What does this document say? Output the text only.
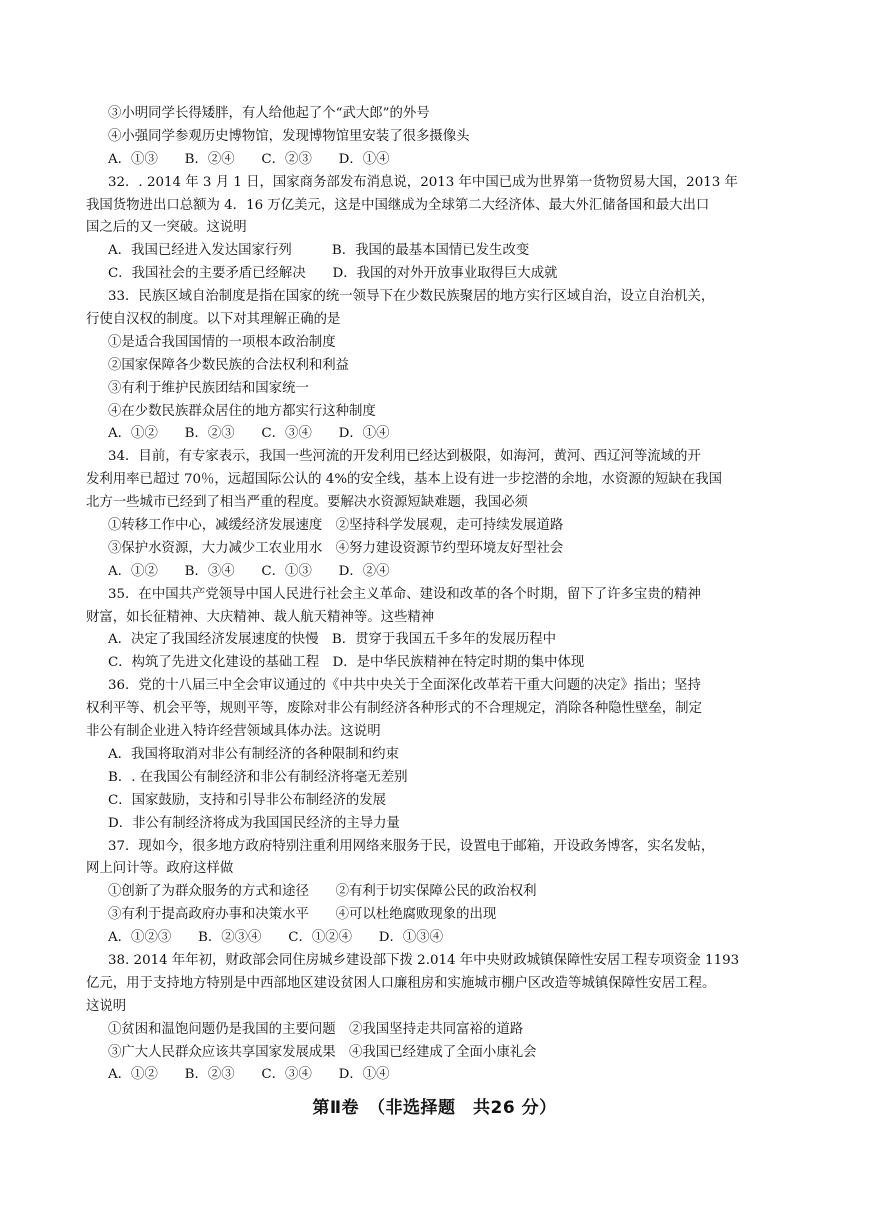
③小明同学长得矮胖，有人给他起了个“武大郎”的外号
④小强同学参观历史博物馆，发现博物馆里安装了很多摄像头
A．①③　　B．②④　　C．②③　　D．①④
32．. 2014 年 3 月 1 日，国家商务部发布消息说，2013 年中国已成为世界第一货物贸易大国，2013 年
我国货物进出口总额为 4．16 万亿美元，这是中国继成为全球第二大经济体、最大外汇储备国和最大出口
国之后的又一突破。这说明
A．我国已经进入发达国家行列　　　B．我国的最基本国情已发生改变
C．我国社会的主要矛盾已经解决　　D．我国的对外开放事业取得巨大成就
33．民族区域自治制度是指在国家的统一领导下在少数民族聚居的地方实行区域自治，设立自治机关，
行使自汉权的制度。以下对其理解正确的是
①是适合我国国情的一项根本政治制度
②国家保障各少数民族的合法权利和利益
③有利于维护民族团结和国家统一
④在少数民族群众居住的地方都实行这种制度
A．①②　　B．②③　　C．③④　　D．①④
34．目前，有专家表示，我国一些河流的开发利用已经达到极限，如海河，黄河、西辽河等流域的开
发利用率已超过 70％，远超国际公认的 4%的安全线，基本上设有进一步挖潜的余地，水资源的短缺在我国
北方一些城市已经到了相当严重的程度。要解决水资源短缺难题，我国必须
①转移工作中心，减缓经济发展速度　②坚持科学发展观，走可持续发展道路
③保护水资源，大力减少工农业用水　④努力建设资源节约型环境友好型社会
A．①②　　B．③④　　C．①③　　D．②④
35．在中国共产党领导中国人民进行社会主义革命、建设和改革的各个时期，留下了许多宝贵的精神
财富，如长征精神、大庆精神、裁人航天精神等。这些精神
A．决定了我国经济发展速度的快慢　B．贯穿于我国五千多年的发展历程中
C．构筑了先进文化建设的基础工程　D．是中华民族精神在特定时期的集中体现
36．党的十八届三中全会审议通过的《中共中央关于全面深化改革若干重大问题的决定》指出；坚持
权利平等、机会平等，规则平等，废除对非公有制经济各种形式的不合理规定，消除各种隐性壁垒，制定
非公有制企业进入特许经营领域具体办法。这说明
A．我国将取消对非公有制经济的各种限制和约束
B．. 在我国公有制经济和非公有制经济将毫无差别
C．国家鼓励，支持和引导非公布制经济的发展
D．非公有制经济将成为我国国民经济的主导力量
37．现如今，很多地方政府特别注重利用网络来服务于民，设置电于邮箱，开设政务博客，实名发帖，
网上问计等。政府这样做
①创新了为群众服务的方式和途径　　②有利于切实保障公民的政治权利
③有利于提高政府办事和决策水平　　④可以杜绝腐败现象的出现
A．①②③　　B．②③④　　C．①②④　　D．①③④
38. 2014 年年初，财政部会同住房城乡建设部下拨 2.014 年中央财政城镇保障性安居工程专项资金 1193
亿元，用于支持地方特别是中西部地区建设贫困人口廉租房和实施城市棚户区改造等城镇保障性安居工程。
这说明
①贫困和温饱问题仍是我国的主要问题　②我国坚持走共同富裕的道路
③广大人民群众应该共享国家发展成果　④我国已经建成了全面小康礼会
A．①②　　B．②③　　C．③④　　D．①④
第Ⅱ卷　（非选择题　共26 分）
